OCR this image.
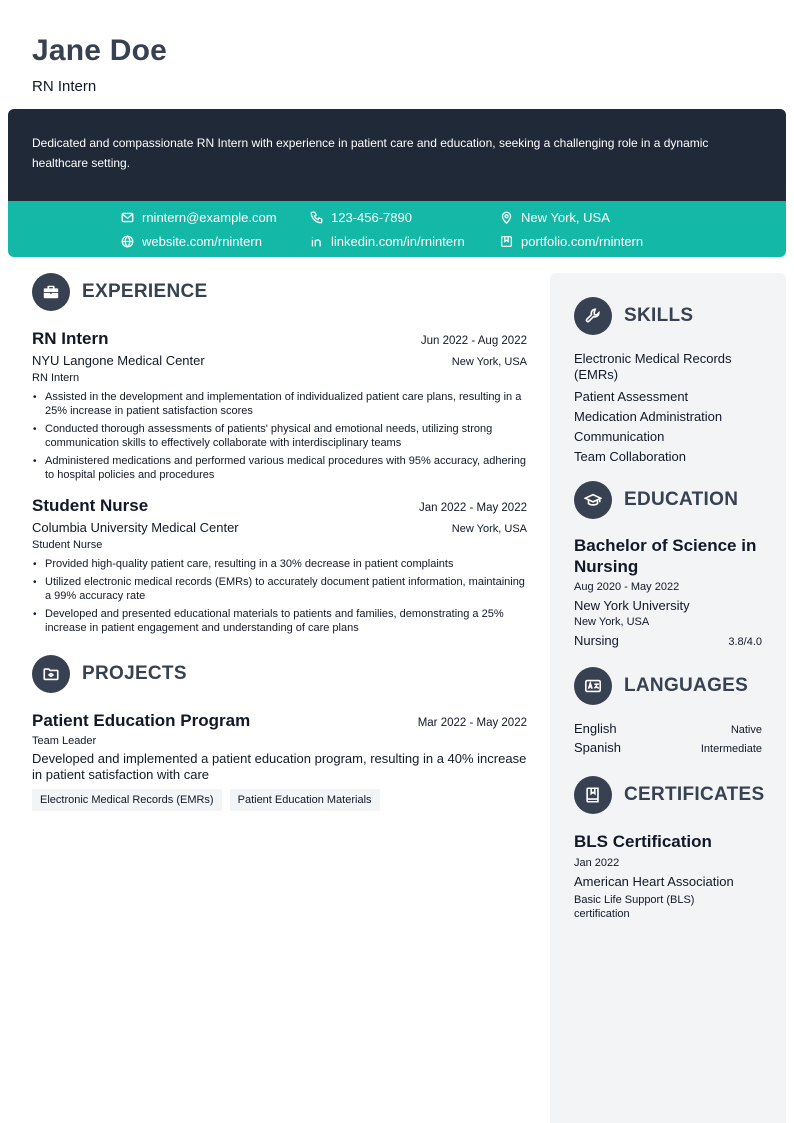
Jane Doe
RN Intern
Dedicated and compassionate RN Intern with experience in patient care and education, seeking a challenging role in a dynamic healthcare setting.
rnintern@example.com	123-456-7890	New York, USA
website.com/rnintern	linkedin.com/in/rnintern	portfolio.com/rnintern
EXPERIENCE
RN Intern	Jun 2022 - Aug 2022
NYU Langone Medical Center	New York, USA
RN Intern
• Assisted in the development and implementation of individualized patient care plans, resulting in a 25% increase in patient satisfaction scores
• Conducted thorough assessments of patients' physical and emotional needs, utilizing strong communication skills to effectively collaborate with interdisciplinary teams
• Administered medications and performed various medical procedures with 95% accuracy, adhering to hospital policies and procedures
Student Nurse	Jan 2022 - May 2022
Columbia University Medical Center	New York, USA
Student Nurse
• Provided high-quality patient care, resulting in a 30% decrease in patient complaints
• Utilized electronic medical records (EMRs) to accurately document patient information, maintaining a 99% accuracy rate
• Developed and presented educational materials to patients and families, demonstrating a 25% increase in patient engagement and understanding of care plans
PROJECTS
Patient Education Program	Mar 2022 - May 2022
Team Leader
Developed and implemented a patient education program, resulting in a 40% increase in patient satisfaction with care
Electronic Medical Records (EMRs)	Patient Education Materials
SKILLS
Electronic Medical Records (EMRs)
Patient Assessment
Medication Administration
Communication
Team Collaboration
EDUCATION
Bachelor of Science in Nursing
Aug 2020 - May 2022
New York University
New York, USA
Nursing	3.8/4.0
LANGUAGES
English	Native
Spanish	Intermediate
CERTIFICATES
BLS Certification
Jan 2022
American Heart Association
Basic Life Support (BLS) certification
